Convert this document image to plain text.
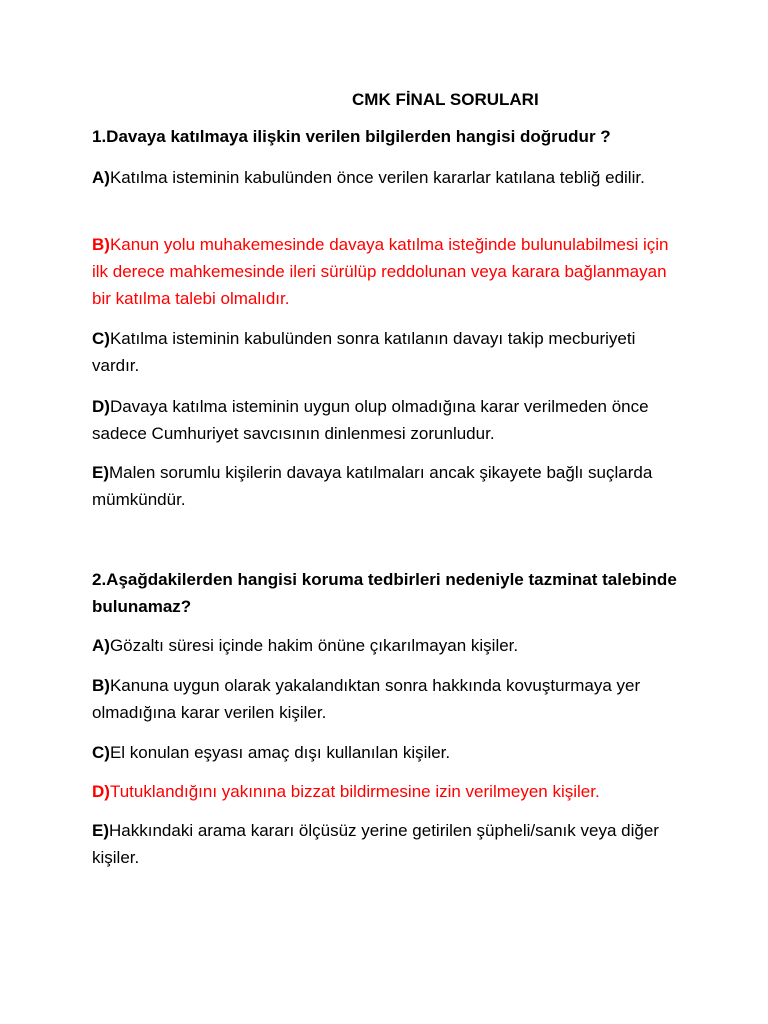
CMK FİNAL SORULARI
1.Davaya katılmaya ilişkin verilen bilgilerden hangisi doğrudur ?
A)Katılma isteminin kabulünden önce verilen kararlar katılana tebliğ edilir.
B)Kanun yolu muhakemesinde davaya katılma isteğinde bulunulabilmesi için ilk derece mahkemesinde ileri sürülüp reddolunan veya karara bağlanmayan bir katılma talebi olmalıdır.
C)Katılma isteminin kabulünden sonra katılanın davayı takip mecburiyeti vardır.
D)Davaya katılma isteminin uygun olup olmadığına karar verilmeden önce sadece Cumhuriyet savcısının dinlenmesi zorunludur.
E)Malen sorumlu kişilerin davaya katılmaları ancak şikayete bağlı suçlarda mümkündür.
2.Aşağdakilerden hangisi koruma tedbirleri nedeniyle tazminat talebinde bulunamaz?
A)Gözaltı süresi içinde hakim önüne çıkarılmayan kişiler.
B)Kanuna uygun olarak yakalandıktan sonra hakkında kovuşturmaya yer olmadığına karar verilen kişiler.
C)El konulan eşyası amaç dışı kullanılan kişiler.
D)Tutuklandığını yakınına bizzat bildirmesine izin verilmeyen kişiler.
E)Hakkındaki arama kararı ölçüsüz yerine getirilen şüpheli/sanık veya diğer kişiler.
